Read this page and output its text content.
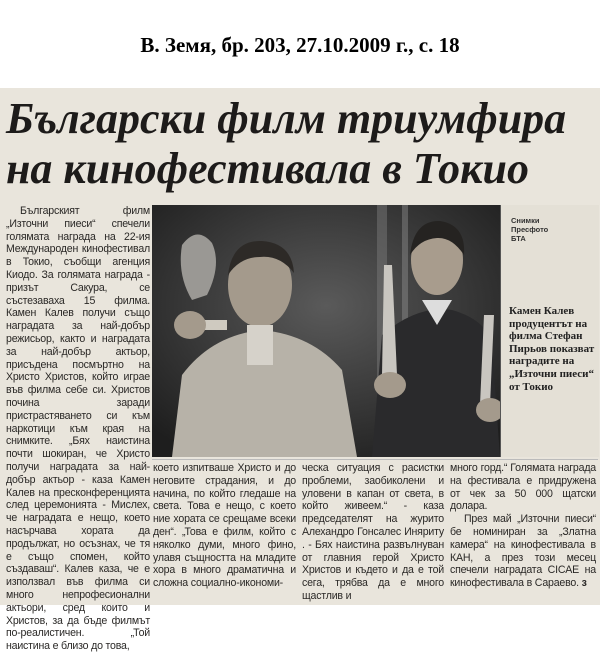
В. Земя, бр. 203, 27.10.2009 г., с. 18
Български филм триумфира
на кинофестивала в Токио

Българският филм „Източни пиеси“ спечели голямата награда на 22-ия Международен кинофестивал в Токио, съобщи агенция Киодо. За голямата награда - призът Сакура, се състезаваха 15 филма. Камен Калев получи също наградата за най-добър режисьор, както и наградата за най-добър актьор, присъдена посмъртно на Христо Христов, който играе във филма себе си. Христов почина заради пристрастяването си към наркотици към края на снимките. „Бях наистина почти шокиран, че Христо получи наградата за най-добър актьор - каза Камен Калев на пресконференцията след церемонията - Мислех, че наградата е нещо, което насърчава хората да продължат, но осъзнах, че тя е също спомен, който създаваш“. Калев каза, че е използвал във филма си много непрофесионални актьори, сред които и Христов, за да бъде филмът по-реалистичен. „Той наистина е близо до това,

Снимки
Пресфото
БТА
Камен Калев продуцентът на филма Стефан Пирьов показват наградите на „Източни пиеси“ от Токио

което изпитваше Христо и до неговите страдания, и до начина, по който гледаше на света. Това е нещо, с което ние хората се срещаме всеки ден“. „Това е филм, който с няколко думи, много фино, улавя същността на младите хора в много драматична и сложна социално-икономи-

ческа ситуация с расистки проблеми, заобиколени и уловени в капан от света, в който живеем.“ - каза председателят на журито Алехандро Гонсалес Иняриту . - Бях наистина развълнуван от главния герой Христо Христов и където и да е той сега, трябва да е много щастлив и

много горд.“ Голямата награда на фестивала е придружена от чек за 50 000 щатски долара.

През май „Източни пиеси“ бе номиниран за „Златна камера“ на кинофестивала в КАН, а през този месец спечели наградата CICAE на кинофестивала в Сараево. з
